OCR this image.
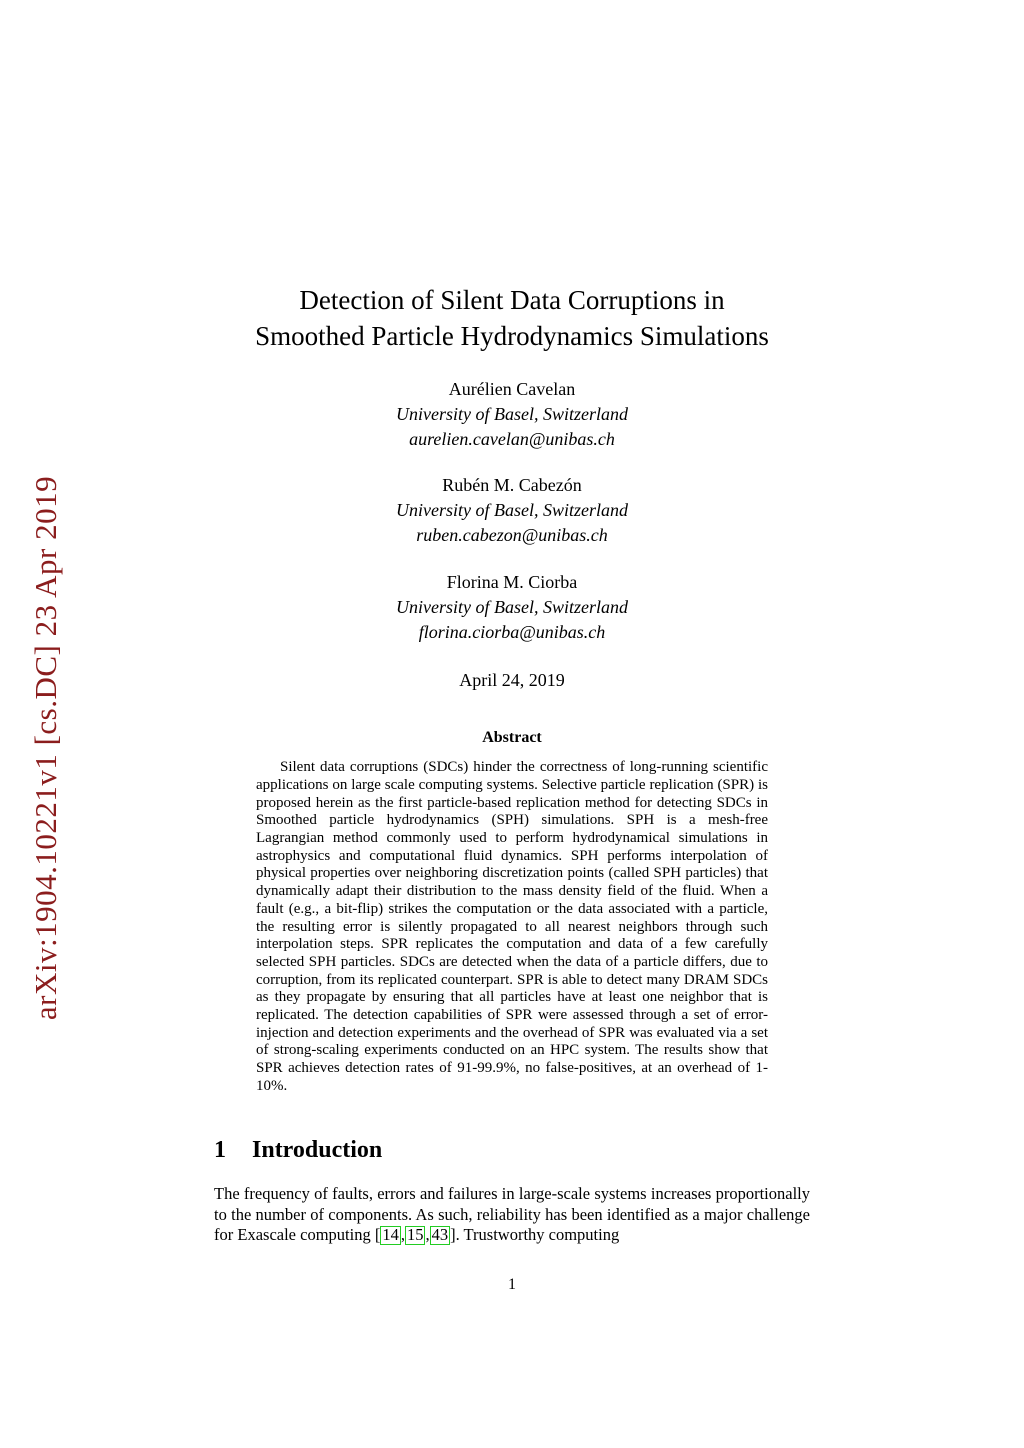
arXiv:1904.10221v1 [cs.DC] 23 Apr 2019
Detection of Silent Data Corruptions in
Smoothed Particle Hydrodynamics Simulations
Aurélien Cavelan
University of Basel, Switzerland
aurelien.cavelan@unibas.ch
Rubén M. Cabezón
University of Basel, Switzerland
ruben.cabezon@unibas.ch
Florina M. Ciorba
University of Basel, Switzerland
florina.ciorba@unibas.ch
April 24, 2019
Abstract

Silent data corruptions (SDCs) hinder the correctness of long-running scientific applications on large scale computing systems. Selective particle replication (SPR) is proposed herein as the first particle-based replication method for detecting SDCs in Smoothed particle hydrodynamics (SPH) simulations. SPH is a mesh-free Lagrangian method commonly used to perform hydrodynamical simulations in astrophysics and computational fluid dynamics. SPH performs interpolation of physical properties over neighboring discretization points (called SPH particles) that dynamically adapt their distribution to the mass density field of the fluid. When a fault (e.g., a bit-flip) strikes the computation or the data associated with a particle, the resulting error is silently propagated to all nearest neighbors through such interpolation steps. SPR replicates the computation and data of a few carefully selected SPH particles. SDCs are detected when the data of a particle differs, due to corruption, from its replicated counterpart. SPR is able to detect many DRAM SDCs as they propagate by ensuring that all particles have at least one neighbor that is replicated. The detection capabilities of SPR were assessed through a set of error-injection and detection experiments and the overhead of SPR was evaluated via a set of strong-scaling experiments conducted on an HPC system. The results show that SPR achieves detection rates of 91-99.9%, no false-positives, at an overhead of 1-10%.

1 Introduction

The frequency of faults, errors and failures in large-scale systems increases proportionally to the number of components. As such, reliability has been identified as a major challenge for Exascale computing [ 14 , 15 , 43 ]. Trustworthy computing

1
